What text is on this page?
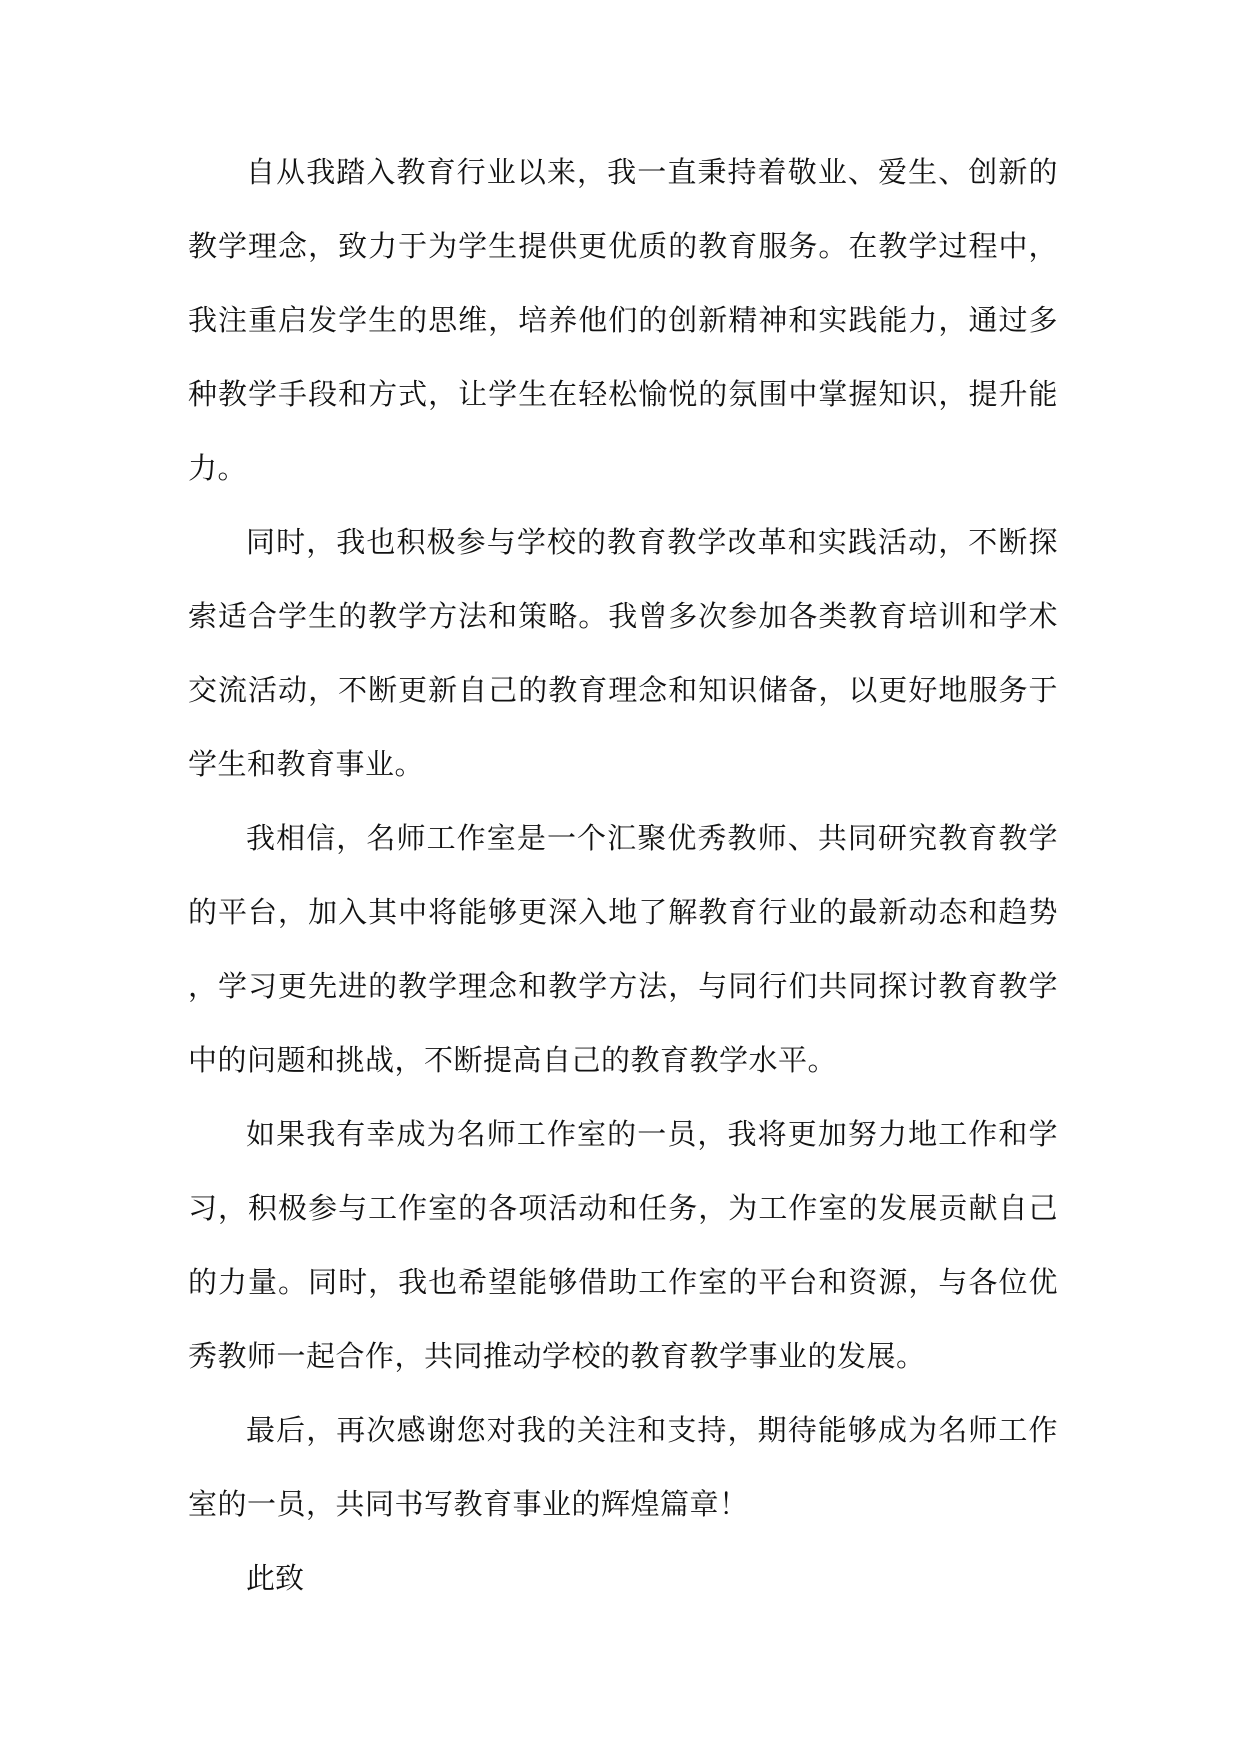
自从我踏入教育行业以来，我一直秉持着敬业、爱生、创新的教学理念，致力于为学生提供更优质的教育服务。在教学过程中，我注重启发学生的思维，培养他们的创新精神和实践能力，通过多种教学手段和方式，让学生在轻松愉悦的氛围中掌握知识，提升能力。

同时，我也积极参与学校的教育教学改革和实践活动，不断探索适合学生的教学方法和策略。我曾多次参加各类教育培训和学术交流活动，不断更新自己的教育理念和知识储备，以更好地服务于学生和教育事业。

我相信，名师工作室是一个汇聚优秀教师、共同研究教育教学的平台，加入其中将能够更深入地了解教育行业的最新动态和趋势，学习更先进的教学理念和教学方法，与同行们共同探讨教育教学中的问题和挑战，不断提高自己的教育教学水平。

如果我有幸成为名师工作室的一员，我将更加努力地工作和学习，积极参与工作室的各项活动和任务，为工作室的发展贡献自己的力量。同时，我也希望能够借助工作室的平台和资源，与各位优秀教师一起合作，共同推动学校的教育教学事业的发展。

最后，再次感谢您对我的关注和支持，期待能够成为名师工作室的一员，共同书写教育事业的辉煌篇章！

此致
